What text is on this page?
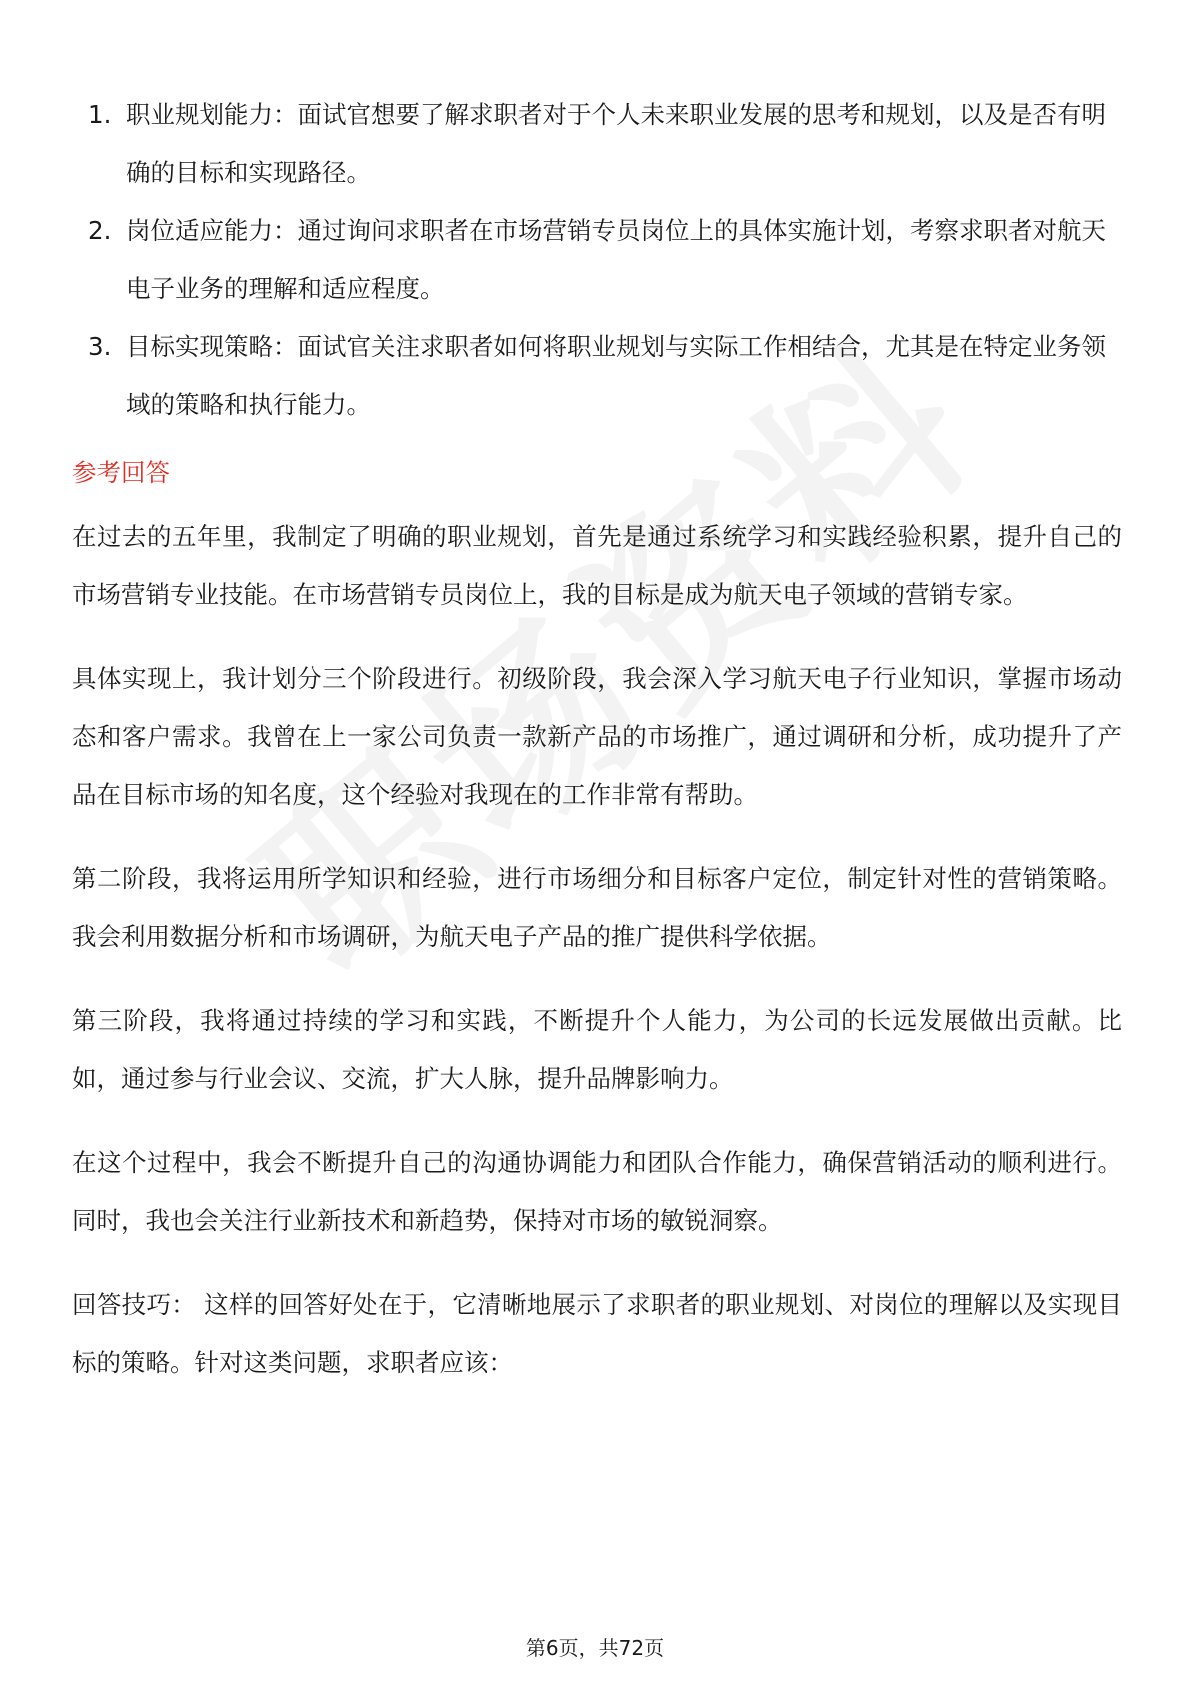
1. 职业规划能力：面试官想要了解求职者对于个人未来职业发展的思考和规划，以及是否有明确的目标和实现路径。
2. 岗位适应能力：通过询问求职者在市场营销专员岗位上的具体实施计划，考察求职者对航天电子业务的理解和适应程度。
3. 目标实现策略：面试官关注求职者如何将职业规划与实际工作相结合，尤其是在特定业务领域的策略和执行能力。
参考回答

在过去的五年里，我制定了明确的职业规划，首先是通过系统学习和实践经验积累，提升自己的市场营销专业技能。在市场营销专员岗位上，我的目标是成为航天电子领域的营销专家。

具体实现上，我计划分三个阶段进行。初级阶段，我会深入学习航天电子行业知识，掌握市场动态和客户需求。我曾在上一家公司负责一款新产品的市场推广，通过调研和分析，成功提升了产品在目标市场的知名度，这个经验对我现在的工作非常有帮助。

第二阶段，我将运用所学知识和经验，进行市场细分和目标客户定位，制定针对性的营销策略。我会利用数据分析和市场调研，为航天电子产品的推广提供科学依据。

第三阶段，我将通过持续的学习和实践，不断提升个人能力，为公司的长远发展做出贡献。比如，通过参与行业会议、交流，扩大人脉，提升品牌影响力。

在这个过程中，我会不断提升自己的沟通协调能力和团队合作能力，确保营销活动的顺利进行。同时，我也会关注行业新技术和新趋势，保持对市场的敏锐洞察。

回答技巧： 这样的回答好处在于，它清晰地展示了求职者的职业规划、对岗位的理解以及实现目标的策略。针对这类问题，求职者应该：

第6页，共72页
